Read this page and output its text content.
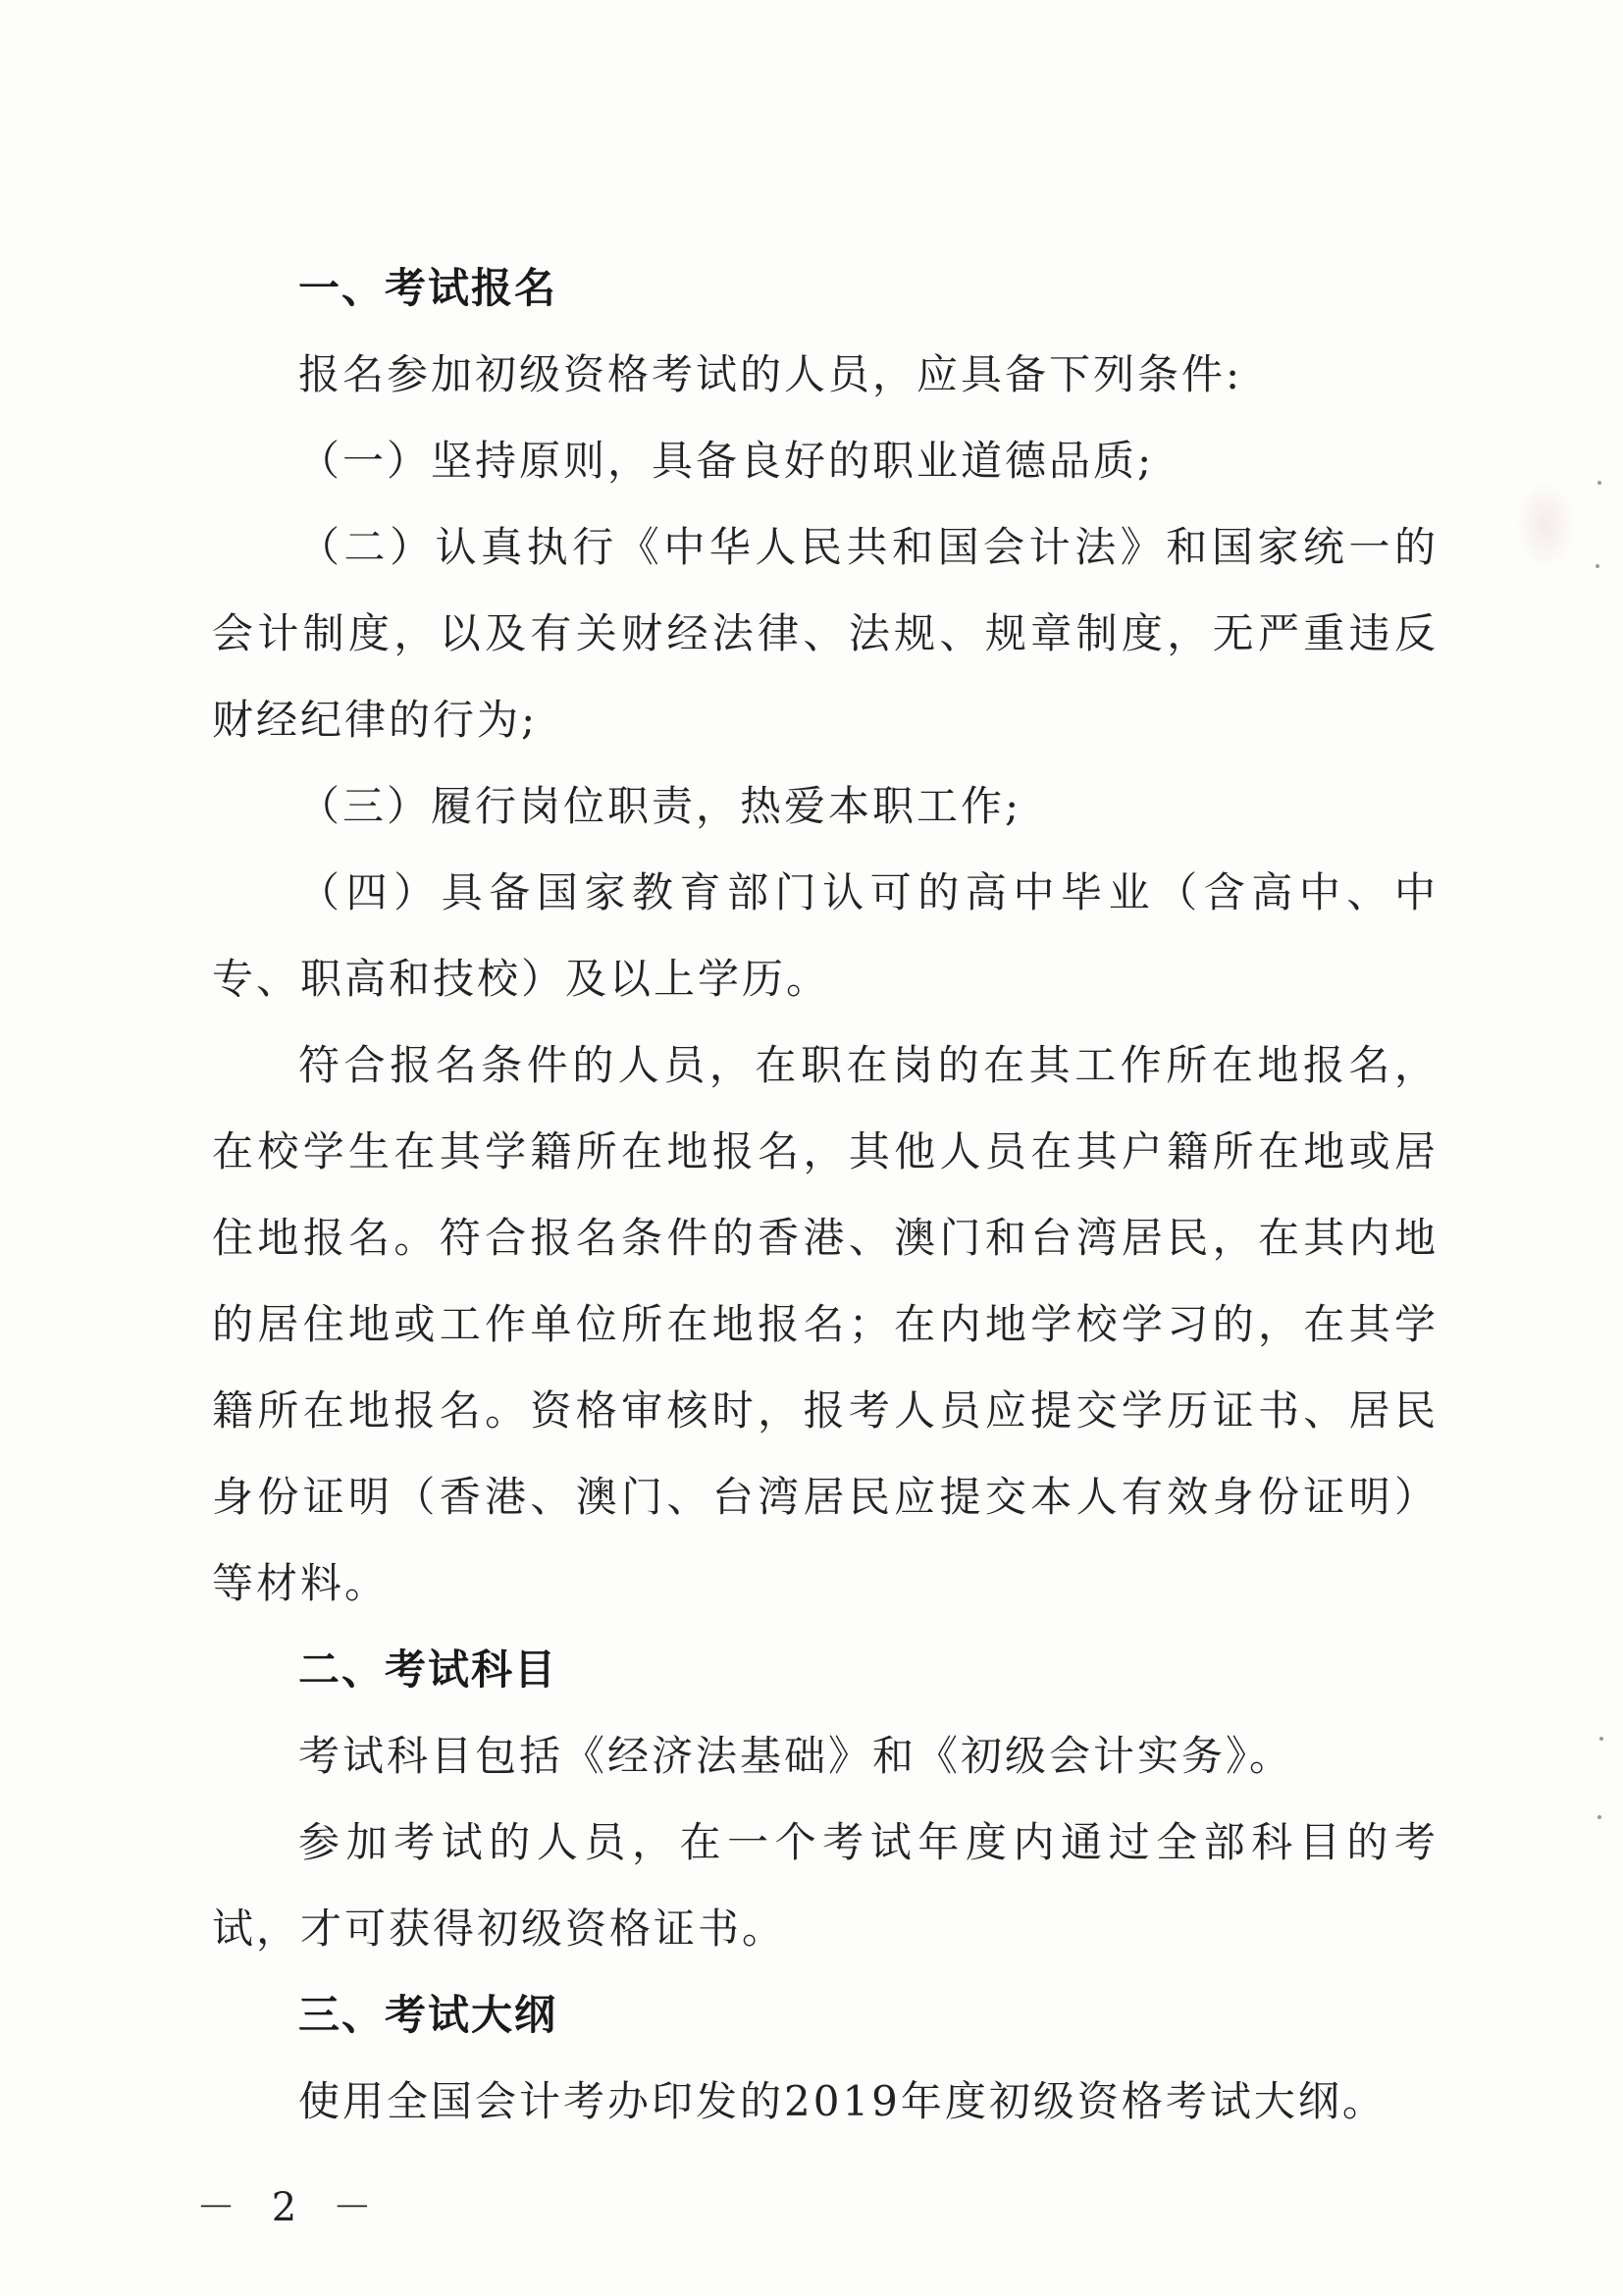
一、考试报名

报名参加初级资格考试的人员，应具备下列条件:

（一）坚持原则，具备良好的职业道德品质;

（二）认真执行《中华人民共和国会计法》和国家统一的会计制度，以及有关财经法律、法规、规章制度，无严重违反财经纪律的行为;

（三）履行岗位职责，热爱本职工作;

（四）具备国家教育部门认可的高中毕业（含高中、中专、职高和技校）及以上学历。

符合报名条件的人员，在职在岗的在其工作所在地报名，在校学生在其学籍所在地报名，其他人员在其户籍所在地或居住地报名。符合报名条件的香港、澳门和台湾居民，在其内地的居住地或工作单位所在地报名；在内地学校学习的，在其学籍所在地报名。资格审核时，报考人员应提交学历证书、居民身份证明（香港、澳门、台湾居民应提交本人有效身份证明）等材料。

二、考试科目

考试科目包括《经济法基础》和《初级会计实务》。

参加考试的人员，在一个考试年度内通过全部科目的考试，才可获得初级资格证书。

三、考试大纲

使用全国会计考办印发的2019年度初级资格考试大纲。

－ 2 －
